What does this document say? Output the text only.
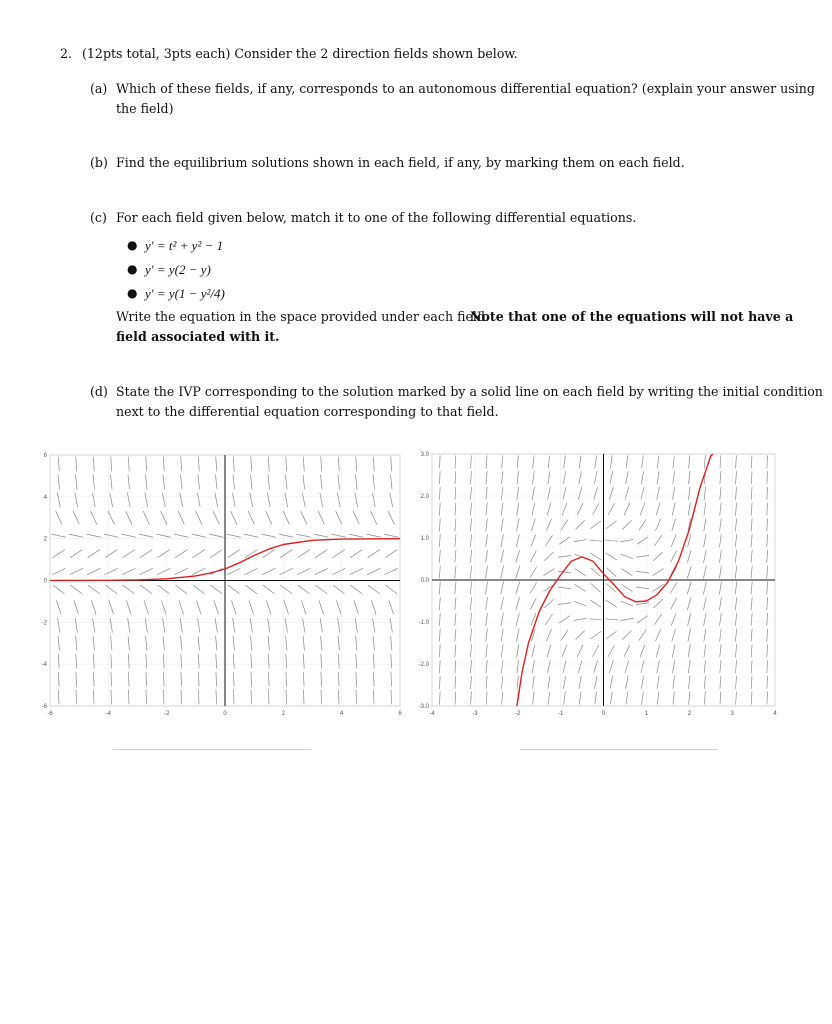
2. (12pts total, 3pts each) Consider the 2 direction fields shown below.
(a) Which of these fields, if any, corresponds to an autonomous differential equation? (explain your answer using
the field)
(b) Find the equilibrium solutions shown in each field, if any, by marking them on each field.
(c) For each field given below, match it to one of the following differential equations.
● y′ = t² + y² − 1
● y′ = y(2 − y)
● y′ = y(1 − y²/4)
Write the equation in the space provided under each field.
Note that one of the equations will not have a
field associated with it.
(d) State the IVP corresponding to the solution marked by a solid line on each field by writing the initial condition
next to the differential equation corresponding to that field.
-6	-4	-2	0	2	4	6
6
4
2
0
-2
-4
-6
-4	-3	-2	-1	0	1	2	3	4
3.0
2.0
1.0
0.0
-1.0
-2.0
-3.0
